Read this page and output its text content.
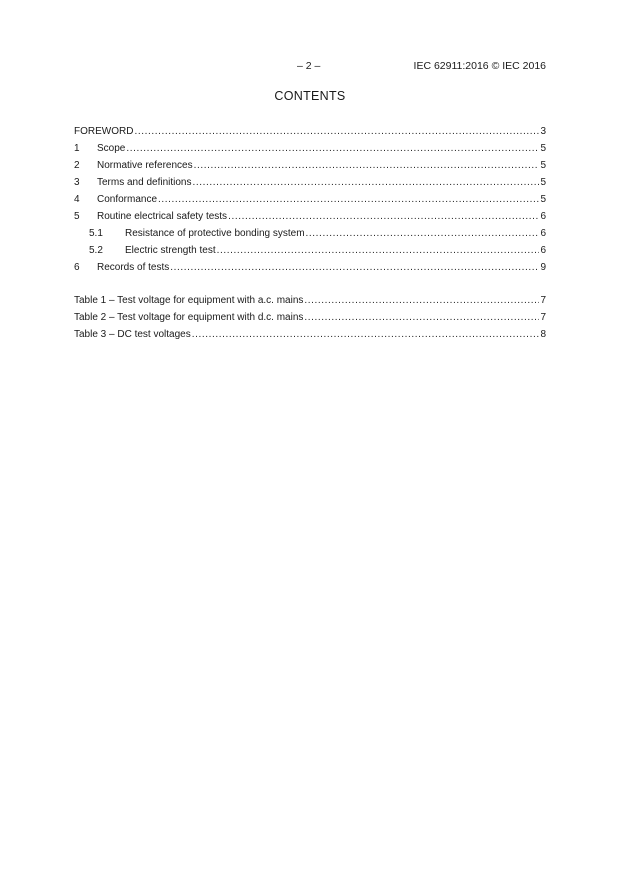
– 2 –	IEC 62911:2016 © IEC 2016
CONTENTS
FOREWORD .....	3
1	Scope .....	5
2	Normative references .....	5
3	Terms and definitions .....	5
4	Conformance .....	5
5	Routine electrical safety tests .....	6
5.1	Resistance of protective bonding system .....	6
5.2	Electric strength test .....	6
6	Records of tests .....	9
Table 1 – Test voltage for equipment with a.c. mains .....	7
Table 2 – Test voltage for equipment with d.c. mains .....	7
Table 3 – DC test voltages .....	8
